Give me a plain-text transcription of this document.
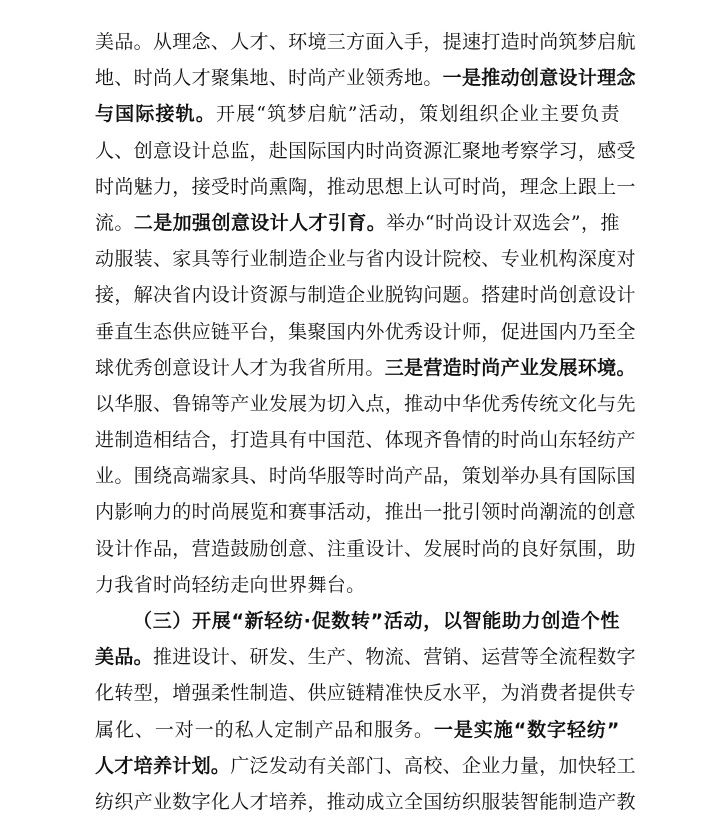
美 品 。 从 理 念 、 人 才 、 环 境 三 方 面 入 手 ， 提 速 打 造 时 尚 筑 梦 启 航
地 、 时 尚 人 才 聚 集 地 、 时 尚 产 业 领 秀 地 。 一 是 推 动 创 意 设 计 理 念
与 国 际 接 轨 。 开 展 “ 筑 梦 启 航 ” 活 动 ， 策 划 组 织 企 业 主 要 负 责
人 、 创 意 设 计 总 监 ， 赴 国 际 国 内 时 尚 资 源 汇 聚 地 考 察 学 习 ， 感 受
时 尚 魅 力 ， 接 受 时 尚 熏 陶 ， 推 动 思 想 上 认 可 时 尚 ， 理 念 上 跟 上 一
流 。 二 是 加 强 创 意 设 计 人 才 引 育 。 举 办 “ 时 尚 设 计 双 选 会 ” ， 推
动 服 装 、 家 具 等 行 业 制 造 企 业 与 省 内 设 计 院 校 、 专 业 机 构 深 度 对
接 ， 解 决 省 内 设 计 资 源 与 制 造 企 业 脱 钩 问 题 。 搭 建 时 尚 创 意 设 计
垂 直 生 态 供 应 链 平 台 ， 集 聚 国 内 外 优 秀 设 计 师 ， 促 进 国 内 乃 至 全
球 优 秀 创 意 设 计 人 才 为 我 省 所 用 。 三 是 营 造 时 尚 产 业 发 展 环 境 。
以 华 服 、 鲁 锦 等 产 业 发 展 为 切 入 点 ， 推 动 中 华 优 秀 传 统 文 化 与 先
进 制 造 相 结 合 ， 打 造 具 有 中 国 范 、 体 现 齐 鲁 情 的 时 尚 山 东 轻 纺 产
业 。 围 绕 高 端 家 具 、 时 尚 华 服 等 时 尚 产 品 ， 策 划 举 办 具 有 国 际 国
内 影 响 力 的 时 尚 展 览 和 赛 事 活 动 ， 推 出 一 批 引 领 时 尚 潮 流 的 创 意
设 计 作 品 ， 营 造 鼓 励 创 意 、 注 重 设 计 、 发 展 时 尚 的 良 好 氛 围 ， 助
力 我 省 时 尚 轻 纺 走 向 世 界 舞 台 。
（ 三 ） 开 展 “ 新 轻 纺 · 促 数 转 ” 活 动 ， 以 智 能 助 力 创 造 个 性
美 品 。 推 进 设 计 、 研 发 、 生 产 、 物 流 、 营 销 、 运 营 等 全 流 程 数 字
化 转 型 ， 增 强 柔 性 制 造 、 供 应 链 精 准 快 反 水 平 ， 为 消 费 者 提 供 专
属 化 、 一 对 一 的 私 人 定 制 产 品 和 服 务 。 一 是 实 施 “ 数 字 轻 纺 ”
人 才 培 养 计 划 。 广 泛 发 动 有 关 部 门 、 高 校 、 企 业 力 量 ， 加 快 轻 工
纺 织 产 业 数 字 化 人 才 培 养 ， 推 动 成 立 全 国 纺 织 服 装 智 能 制 造 产 教
